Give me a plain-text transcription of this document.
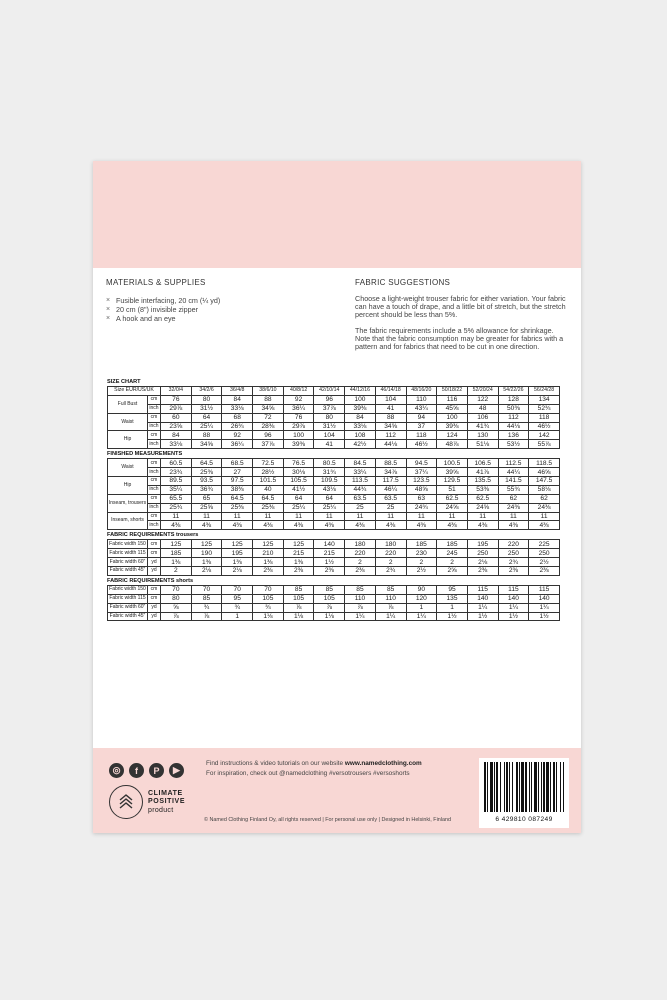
MATERIALS & SUPPLIES
× Fusible interfacing, 20 cm (¼ yd)
× 20 cm (8") invisible zipper
× A hook and an eye
FABRIC SUGGESTIONS

Choose a light-weight trouser fabric for either variation. Your fabric can have a touch of drape, and a little bit of stretch, but the stretch percent should be less than 5%.

The fabric requirements include a 5% allowance for shrinkage. Note that the fabric consumption may be greater for fabrics with a pattern and for fabrics that need to be cut in one direction.

SIZE CHART
Size EUR/US/UK		32/0/4	34/2/6	36/4/8	38/6/10	40/8/12	42/10/14	44/12/16	46/14/18	48/16/20	50/18/22	52/20/24	54/22/26	56/24/28
Full Bust	cm	76	80	84	88	92	96	100	104	110	116	122	128	134
	inch	29⅞	31½	33⅛	34⅝	36¼	37⅞	39⅜	41	43¼	45⅝	48	50⅜	52¾
Waist	cm	60	64	68	72	76	80	84	88	94	100	106	112	118
	inch	23⅝	25¼	26¾	28⅜	29⅞	31½	33⅛	34⅝	37	39⅜	41¾	44⅛	46½
Hip	cm	84	88	92	96	100	104	108	112	118	124	130	136	142
	inch	33⅛	34⅝	36¼	37⅞	39⅜	41	42½	44⅛	46½	48⅞	51⅛	53½	55⅞
FINISHED MEASUREMENTS
Waist	cm	60.5	64.5	68.5	72.5	76.5	80.5	84.5	88.5	94.5	100.5	106.5	112.5	118.5
	inch	23¾	25⅜	27	28½	30⅛	31¾	33¼	34⅞	37¼	39⅝	41⅞	44¼	46⅝
Hip	cm	89.5	93.5	97.5	101.5	105.5	109.5	113.5	117.5	123.5	129.5	135.5	141.5	147.5
	inch	35¼	36¾	38⅜	40	41½	43⅛	44¾	46¼	48⅝	51	53⅜	55¾	58⅛
Inseam, trousers	cm	65.5	65	64.5	64.5	64	64	63.5	63.5	63	62.5	62.5	62	62
	inch	25¾	25⅝	25⅜	25⅜	25¼	25¼	25	25	24¾	24⅝	24⅝	24⅜	24⅜
Inseam, shorts	cm	11	11	11	11	11	11	11	11	11	11	11	11	11
	inch	4⅜	4⅜	4⅜	4⅜	4⅜	4⅜	4⅜	4⅜	4⅜	4⅜	4⅜	4⅜	4⅜
FABRIC REQUIREMENTS trousers
Fabric width 150	cm	125	125	125	125	125	140	180	180	185	185	195	220	225
Fabric width 115	cm	185	190	195	210	215	215	220	220	230	245	250	250	250
Fabric width 60"	yd	1⅜	1⅜	1⅜	1⅜	1⅜	1½	2	2	2	2	2⅛	2¾	2½
Fabric width 45"	yd	2	2⅛	2⅛	2⅜	2⅜	2⅜	2⅜	2¾	2½	2⅝	2⅜	2⅜	2⅜
FABRIC REQUIREMENTS shorts
Fabric width 150	cm	70	70	70	70	85	85	85	85	90	95	115	115	115
Fabric width 115	cm	80	85	95	105	105	105	110	110	120	135	140	140	140
Fabric width 60"	yd	⅝	¾	¾	¾	⅞	⅞	⅞	⅞	1	1	1¼	1¼	1¼
Fabric width 45"	yd	⅞	⅞	1	1⅛	1⅛	1⅛	1¼	1¼	1¼	1½	1½	1½	1½
◎	f	P	▶
CLIMATE
POSITIVE
product
Find instructions & video tutorials on our website www.namedclothing.com
For inspiration, check out @namedclothing #versotrousers #versoshorts
© Named Clothing Finland Oy, all rights reserved | For personal use only | Designed in Helsinki, Finland	6 429810 087249
